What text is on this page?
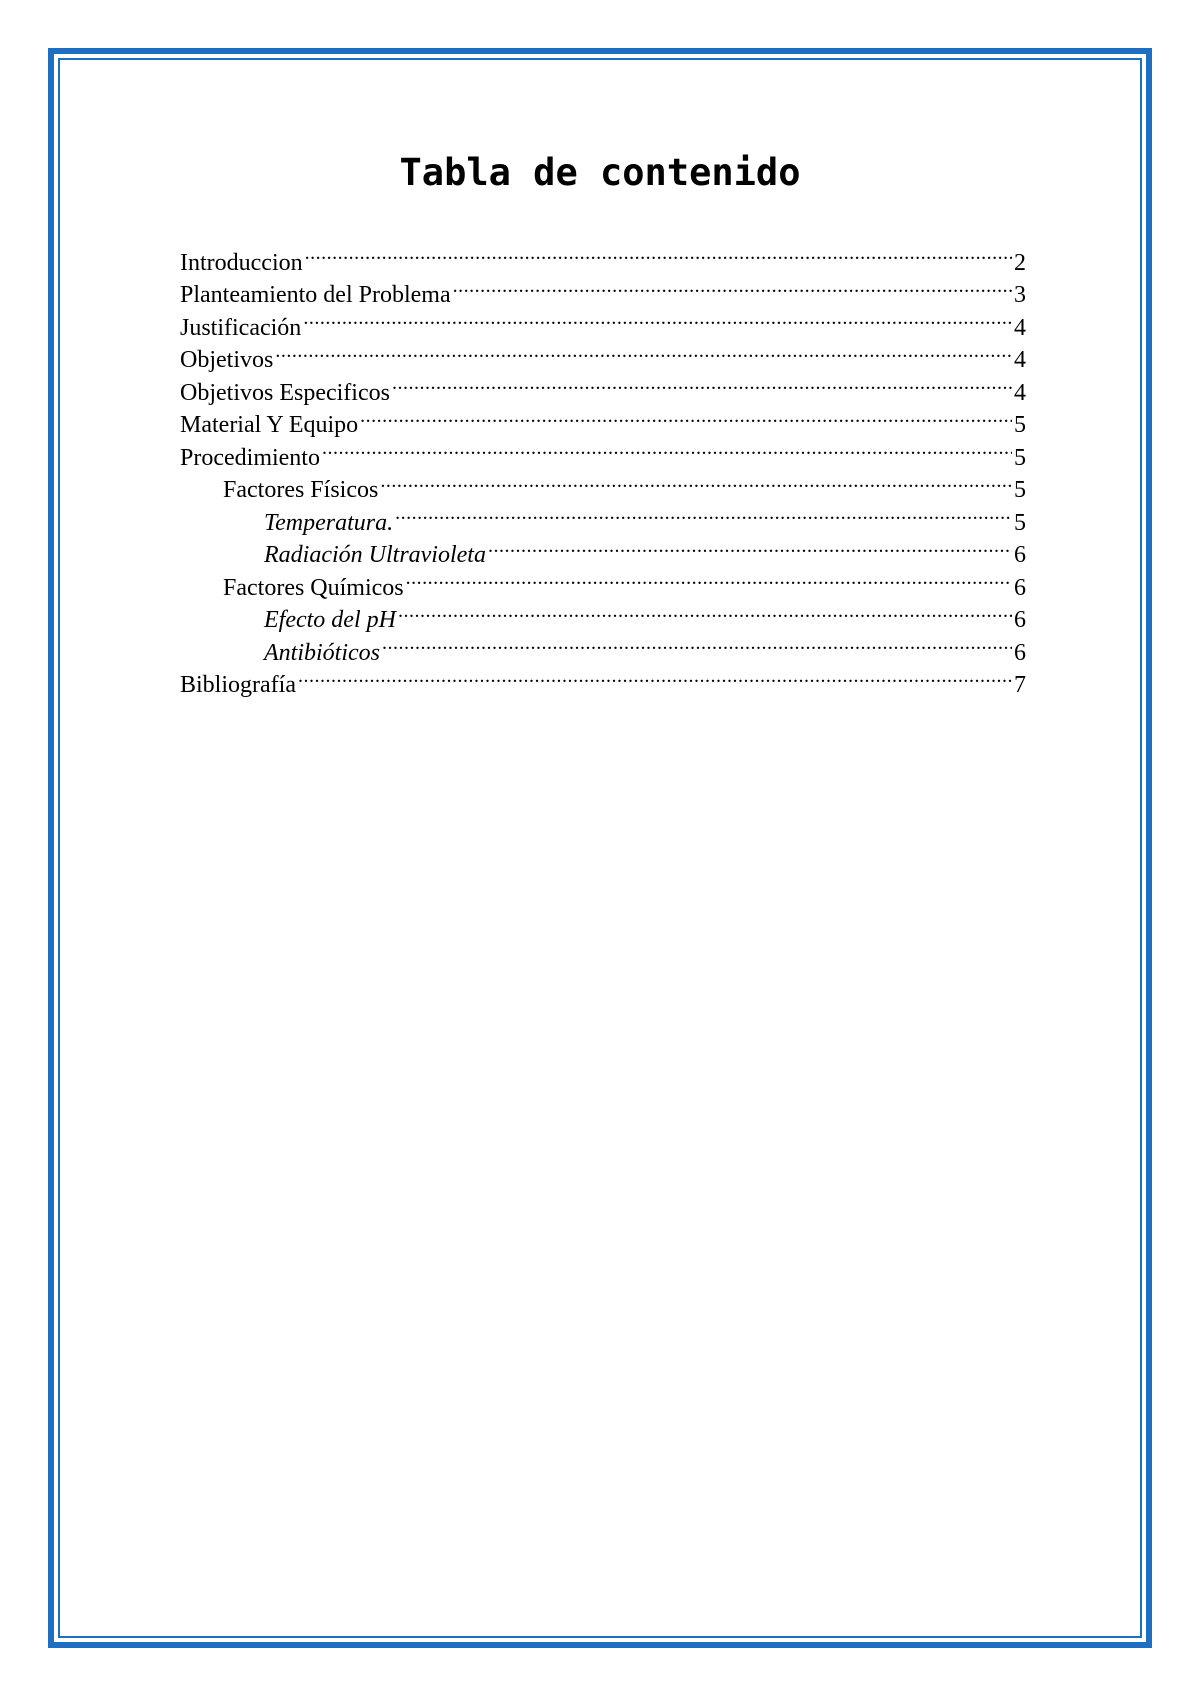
Tabla de contenido
Introduccion .....	2
Planteamiento del Problema .....	3
Justificación .....	4
Objetivos .....	4
Objetivos Especificos .....	4
Material Y Equipo .....	5
Procedimiento .....	5
Factores Físicos .....	5
Temperatura. .....	5
Radiación Ultravioleta .....	6
Factores Químicos .....	6
Efecto del pH .....	6
Antibióticos .....	6
Bibliografía .....	7
